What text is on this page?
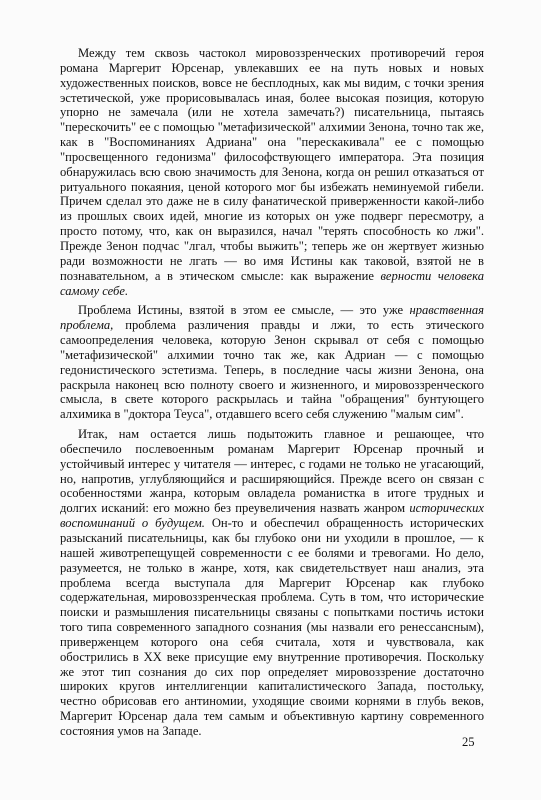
Между тем сквозь частокол мировоззренческих противоречий героя романа Маргерит Юрсенар, увлекавших ее на путь новых и новых художественных поисков, вовсе не бесплодных, как мы видим, с точки зрения эстетической, уже прорисовывалась иная, более высокая позиция, которую упорно не замечала (или не хотела замечать?) писательница, пытаясь "перескочить" ее с помощью "метафизической" алхимии Зенона, точно так же, как в "Воспоминаниях Адриана" она "перескакивала" ее с помощью "просвещенного гедонизма" философствующего императора. Эта позиция обнаружилась всю свою значимость для Зенона, когда он решил отказаться от ритуального покаяния, ценой которого мог бы избежать неминуемой гибели. Причем сделал это даже не в силу фанатической приверженности какой-либо из прошлых своих идей, многие из которых он уже подверг пересмотру, а просто потому, что, как он выразился, начал "терять способность ко лжи". Прежде Зенон подчас "лгал, чтобы выжить"; теперь же он жертвует жизнью ради возможности не лгать — во имя Истины как таковой, взятой не в познавательном, а в этическом смысле: как выражение верности человека самому себе.

Проблема Истины, взятой в этом ее смысле, — это уже нравственная проблема, проблема различения правды и лжи, то есть этического самоопределения человека, которую Зенон скрывал от себя с помощью "метафизической" алхимии точно так же, как Адриан — с помощью гедонистического эстетизма. Теперь, в последние часы жизни Зенона, она раскрыла наконец всю полноту своего и жизненного, и мировоззренческого смысла, в свете которого раскрылась и тайна "обращения" бунтующего алхимика в "доктора Теуса", отдавшего всего себя служению "малым сим".

Итак, нам остается лишь подытожить главное и решающее, что обеспечило послевоенным романам Маргерит Юрсенар прочный и устойчивый интерес у читателя — интерес, с годами не только не угасающий, но, напротив, углубляющийся и расширяющийся. Прежде всего он связан с особенностями жанра, которым овладела романистка в итоге трудных и долгих исканий: его можно без преувеличения назвать жанром исторических воспоминаний о будущем. Он-то и обеспечил обращенность исторических разысканий писательницы, как бы глубоко они ни уходили в прошлое, — к нашей животрепещущей современности с ее болями и тревогами. Но дело, разумеется, не только в жанре, хотя, как свидетельствует наш анализ, эта проблема всегда выступала для Маргерит Юрсенар как глубоко содержательная, мировоззренческая проблема. Суть в том, что исторические поиски и размышления писательницы связаны с попытками постичь истоки того типа современного западного сознания (мы назвали его ренессансным), приверженцем которого она себя считала, хотя и чувствовала, как обострились в XX веке присущие ему внутренние противоречия. Поскольку же этот тип сознания до сих пор определяет мировоззрение достаточно широких кругов интеллигенции капиталистического Запада, постольку, честно обрисовав его антиномии, уходящие своими корнями в глубь веков, Маргерит Юрсенар дала тем самым и объективную картину современного состояния умов на Западе.

25
